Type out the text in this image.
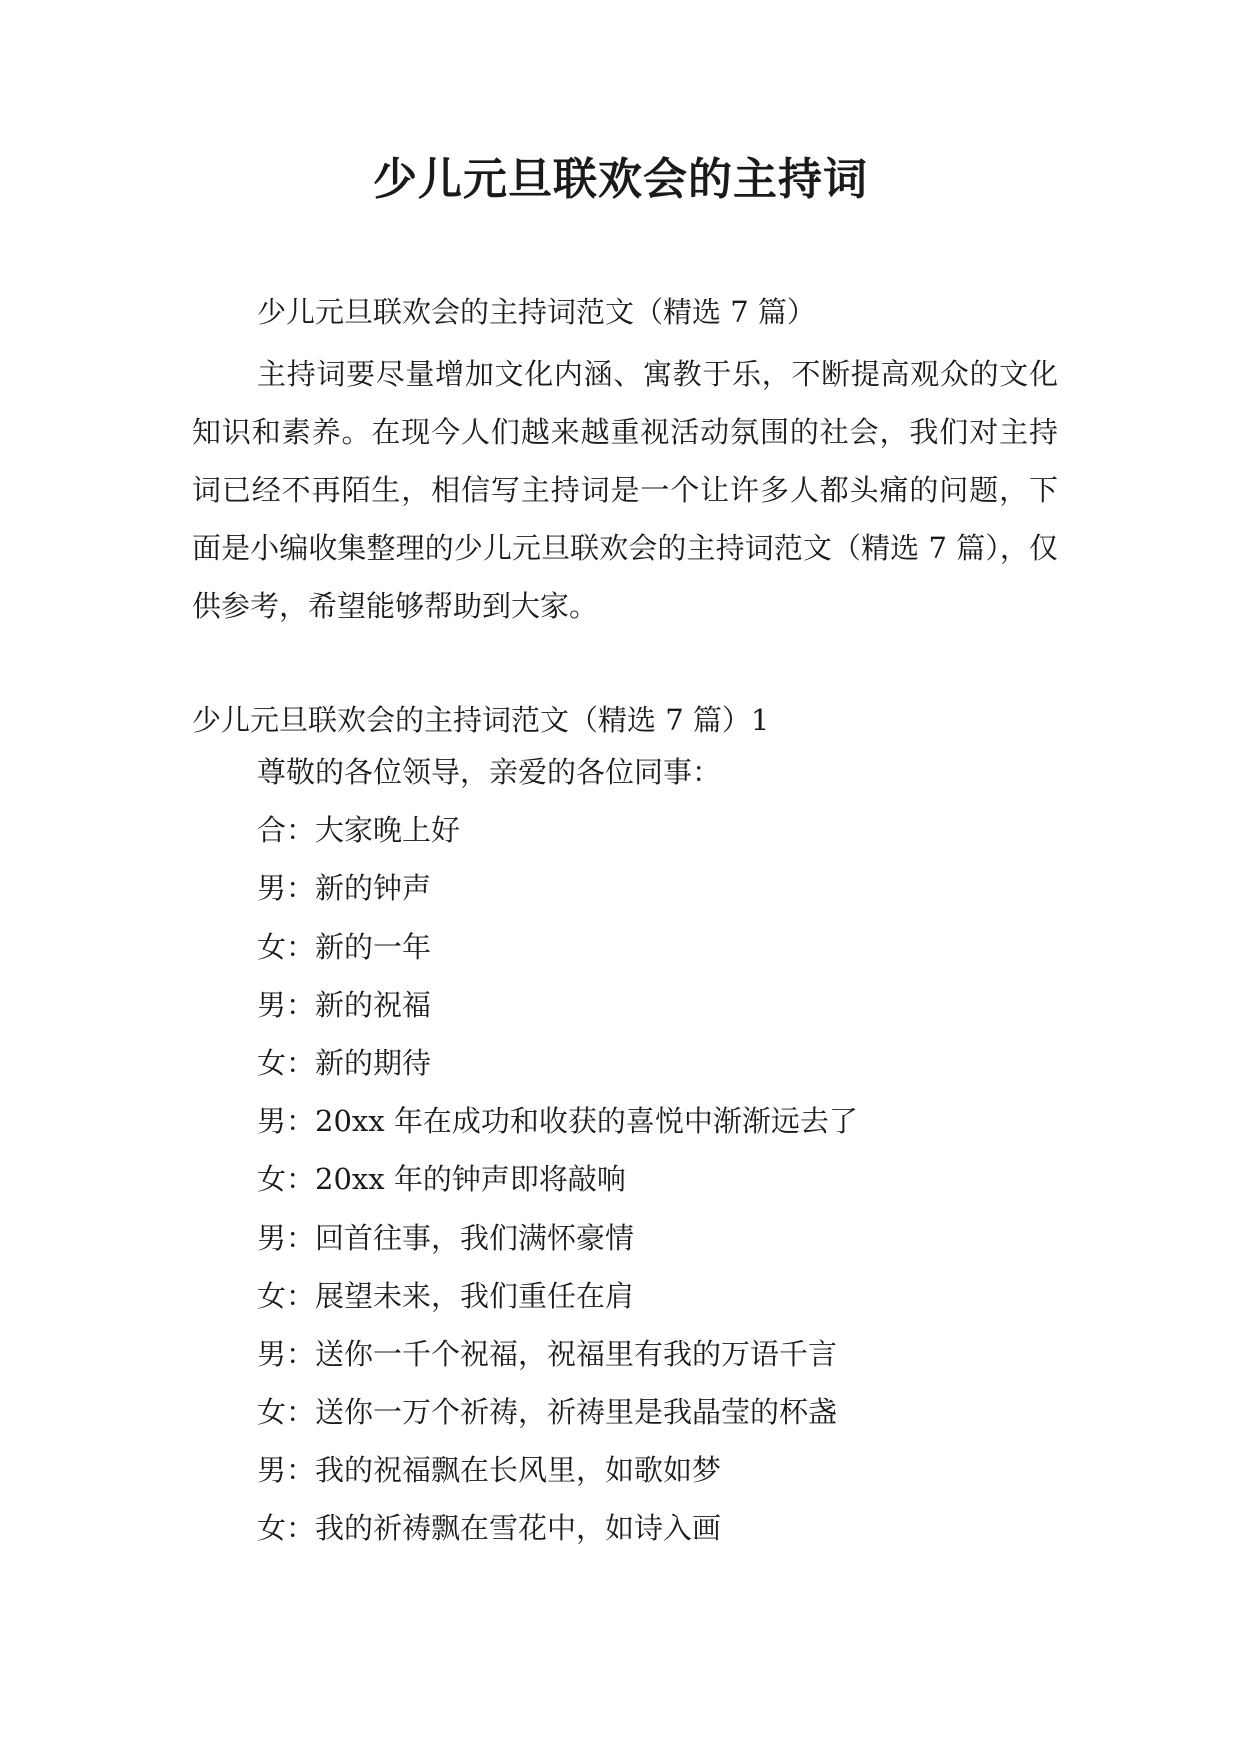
少儿元旦联欢会的主持词
少儿元旦联欢会的主持词范文（精选 7 篇）

主持词要尽量增加文化内涵、寓教于乐，不断提高观众的文化知识和素养。在现今人们越来越重视活动氛围的社会，我们对主持词已经不再陌生，相信写主持词是一个让许多人都头痛的问题，下面是小编收集整理的少儿元旦联欢会的主持词范文（精选 7 篇），仅供参考，希望能够帮助到大家。

少儿元旦联欢会的主持词范文（精选 7 篇）1
尊敬的各位领导，亲爱的各位同事：
合：大家晚上好
男：新的钟声
女：新的一年
男：新的祝福
女：新的期待
男：20xx 年在成功和收获的喜悦中渐渐远去了
女：20xx 年的钟声即将敲响
男：回首往事，我们满怀豪情
女：展望未来，我们重任在肩
男：送你一千个祝福，祝福里有我的万语千言
女：送你一万个祈祷，祈祷里是我晶莹的杯盏
男：我的祝福飘在长风里，如歌如梦
女：我的祈祷飘在雪花中，如诗入画
